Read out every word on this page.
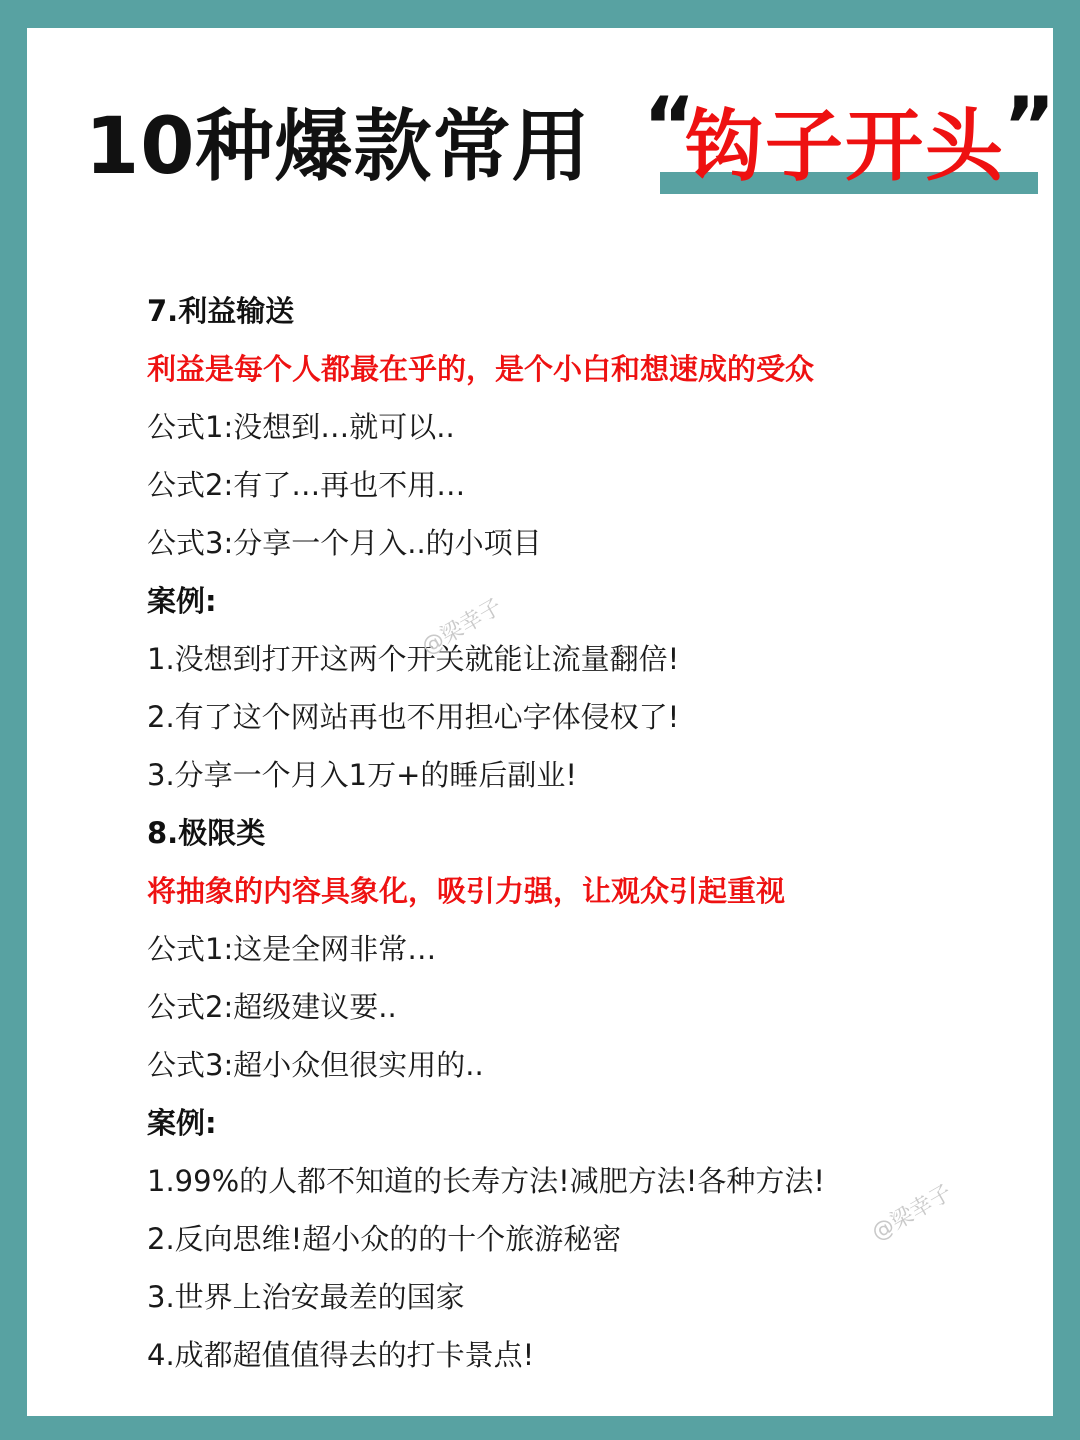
10种爆款常用 “
钩子开头
”
7.利益输送
利益是每个人都最在乎的，是个小白和想速成的受众
公式1:没想到…就可以..
公式2:有了…再也不用…
公式3:分享一个月入..的小项目
案例:
1.没想到打开这两个开关就能让流量翻倍!
2.有了这个网站再也不用担心字体侵权了!
3.分享一个月入1万+的睡后副业!
8.极限类
将抽象的内容具象化，吸引力强，让观众引起重视
公式1:这是全网非常…
公式2:超级建议要..
公式3:超小众但很实用的..
案例:
1.99%的人都不知道的长寿方法!减肥方法!各种方法!
2.反向思维!超小众的的十个旅游秘密
3.世界上治安最差的国家
4.成都超值值得去的打卡景点!
@梁幸子
@梁幸子
